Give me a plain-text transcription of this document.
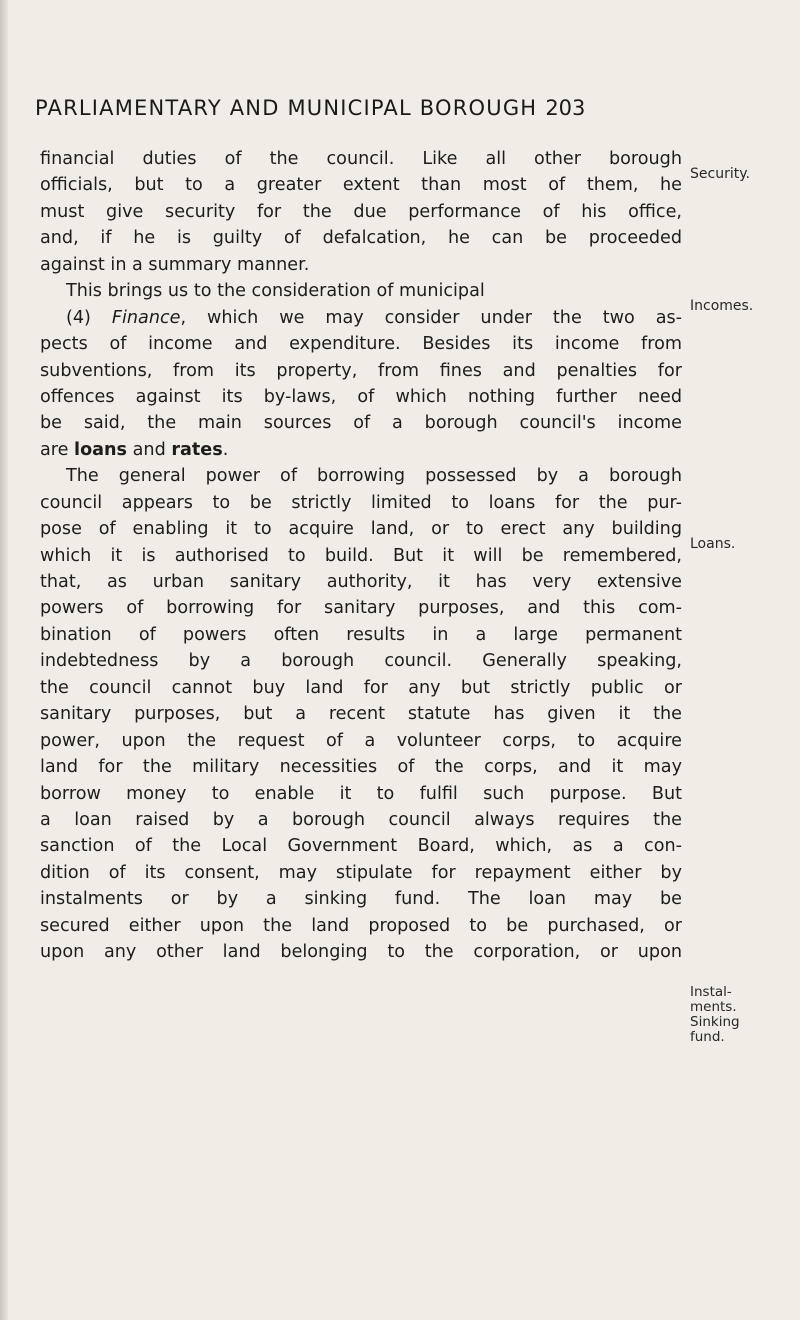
PARLIAMENTARY AND MUNICIPAL BOROUGH 203
financial duties of the council. Like all other borough
officials, but to a greater extent than most of them, he
must give security for the due performance of his office,
and, if he is guilty of defalcation, he can be proceeded
against in a summary manner.
This brings us to the consideration of municipal
(4) Finance, which we may consider under the two as-
pects of income and expenditure. Besides its income from
subventions, from its property, from fines and penalties for
offences against its by-laws, of which nothing further need
be said, the main sources of a borough council's income
are loans and rates.
The general power of borrowing possessed by a borough
council appears to be strictly limited to loans for the pur-
pose of enabling it to acquire land, or to erect any building
which it is authorised to build. But it will be remembered,
that, as urban sanitary authority, it has very extensive
powers of borrowing for sanitary purposes, and this com-
bination of powers often results in a large permanent
indebtedness by a borough council. Generally speaking,
the council cannot buy land for any but strictly public or
sanitary purposes, but a recent statute has given it the
power, upon the request of a volunteer corps, to acquire
land for the military necessities of the corps, and it may
borrow money to enable it to fulfil such purpose. But
a loan raised by a borough council always requires the
sanction of the Local Government Board, which, as a con-
dition of its consent, may stipulate for repayment either by
instalments or by a sinking fund. The loan may be
secured either upon the land proposed to be purchased, or
upon any other land belonging to the corporation, or upon
Security.
Incomes.
Loans.
Instal-
ments.
Sinking
fund.
